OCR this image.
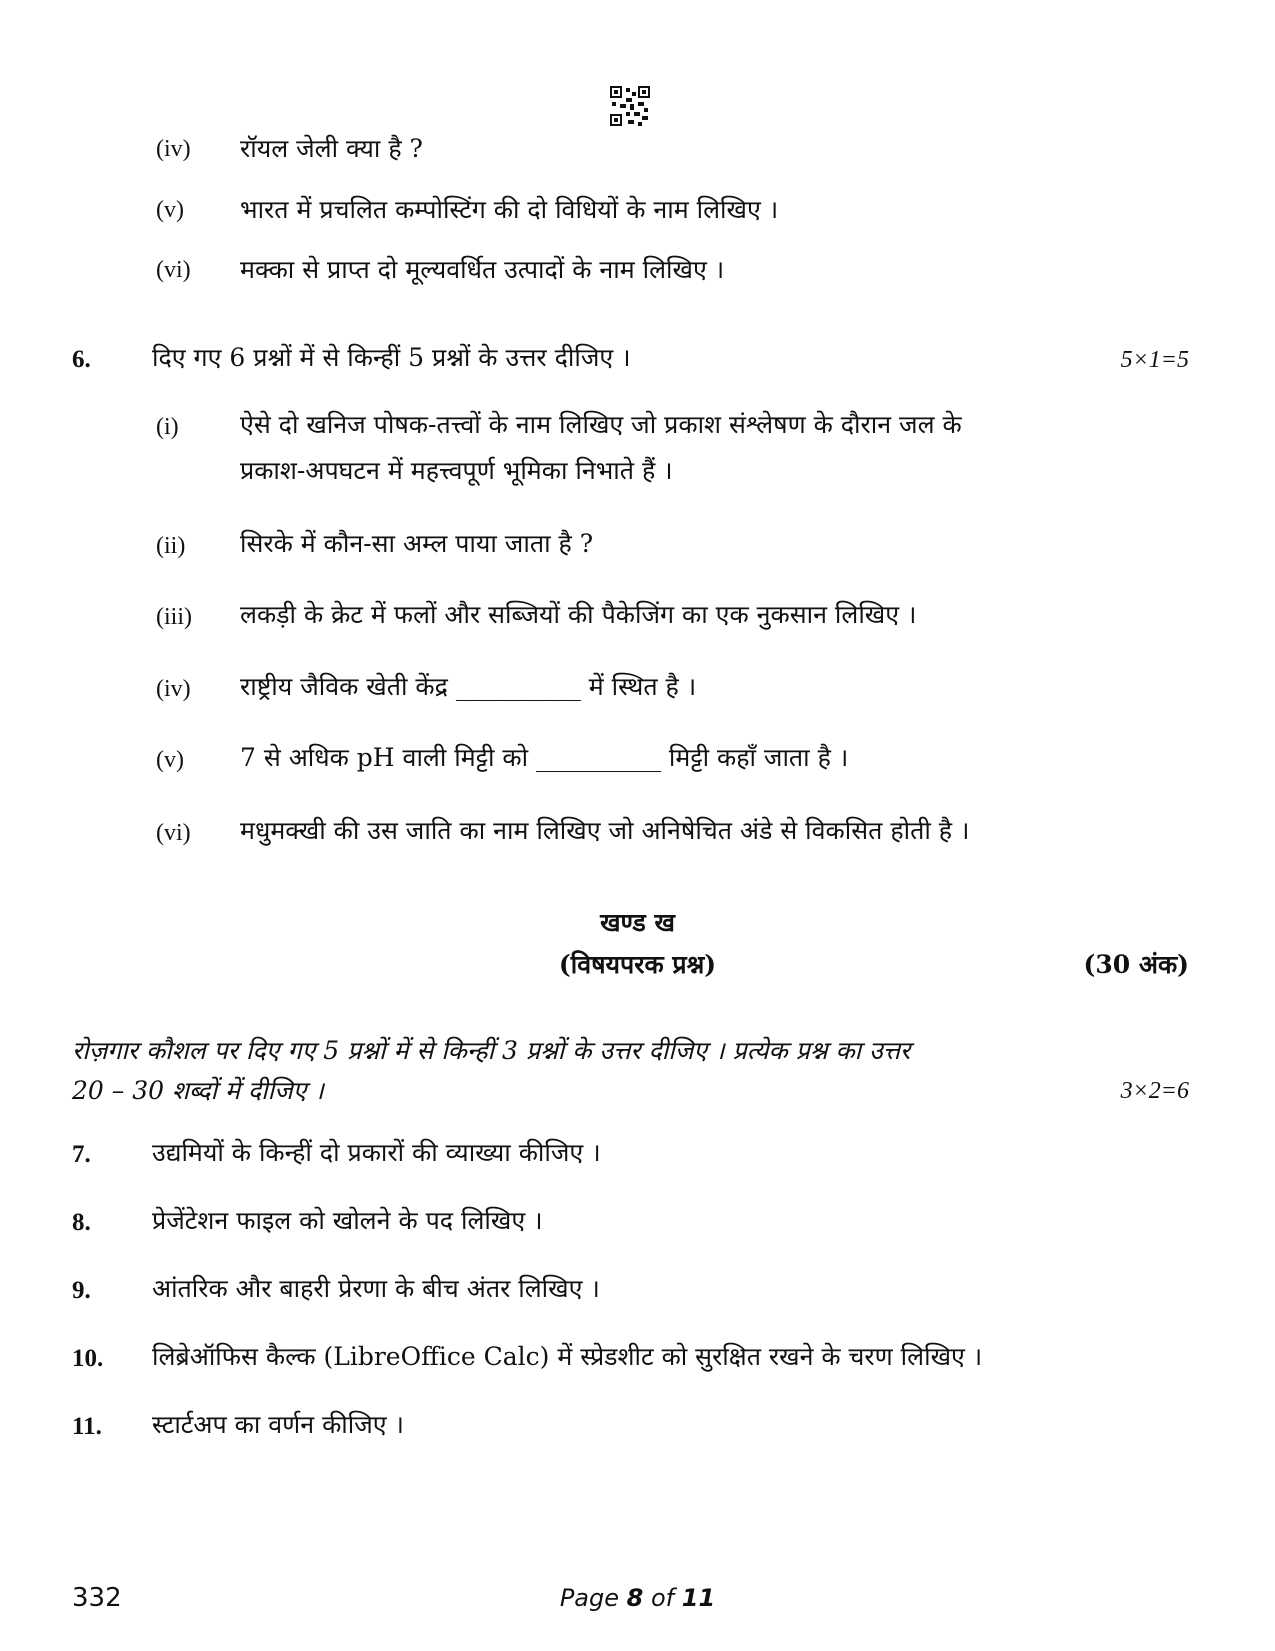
(iv) रॉयल जेली क्या है ?
(v) भारत में प्रचलित कम्पोस्टिंग की दो विधियों के नाम लिखिए ।
(vi) मक्का से प्राप्त दो मूल्यवर्धित उत्पादों के नाम लिखिए ।
6. दिए गए 6 प्रश्नों में से किन्हीं 5 प्रश्नों के उत्तर दीजिए ।	5×1=5
(i) ऐसे दो खनिज पोषक-तत्त्वों के नाम लिखिए जो प्रकाश संश्लेषण के दौरान जल के
प्रकाश-अपघटन में महत्त्वपूर्ण भूमिका निभाते हैं ।
(ii) सिरके में कौन-सा अम्ल पाया जाता है ?
(iii) लकड़ी के क्रेट में फलों और सब्जियों की पैकेजिंग का एक नुकसान लिखिए ।
(iv) राष्ट्रीय जैविक खेती केंद्र __________ में स्थित है ।
(v) 7 से अधिक pH वाली मिट्टी को __________ मिट्टी कहाँ जाता है ।
(vi) मधुमक्खी की उस जाति का नाम लिखिए जो अनिषेचित अंडे से विकसित होती है ।
खण्ड ख
(विषयपरक प्रश्न)	(30 अंक)
रोज़गार कौशल पर दिए गए 5 प्रश्नों में से किन्हीं 3 प्रश्नों के उत्तर दीजिए । प्रत्येक प्रश्न का उत्तर
20 – 30 शब्दों में दीजिए ।	3×2=6
7. उद्यमियों के किन्हीं दो प्रकारों की व्याख्या कीजिए ।
8. प्रेजेंटेशन फाइल को खोलने के पद लिखिए ।
9. आंतरिक और बाहरी प्रेरणा के बीच अंतर लिखिए ।
10. लिब्रेऑफिस कैल्क (LibreOffice Calc) में स्प्रेडशीट को सुरक्षित रखने के चरण लिखिए ।
11. स्टार्टअप का वर्णन कीजिए ।
332	Page 8 of 11
